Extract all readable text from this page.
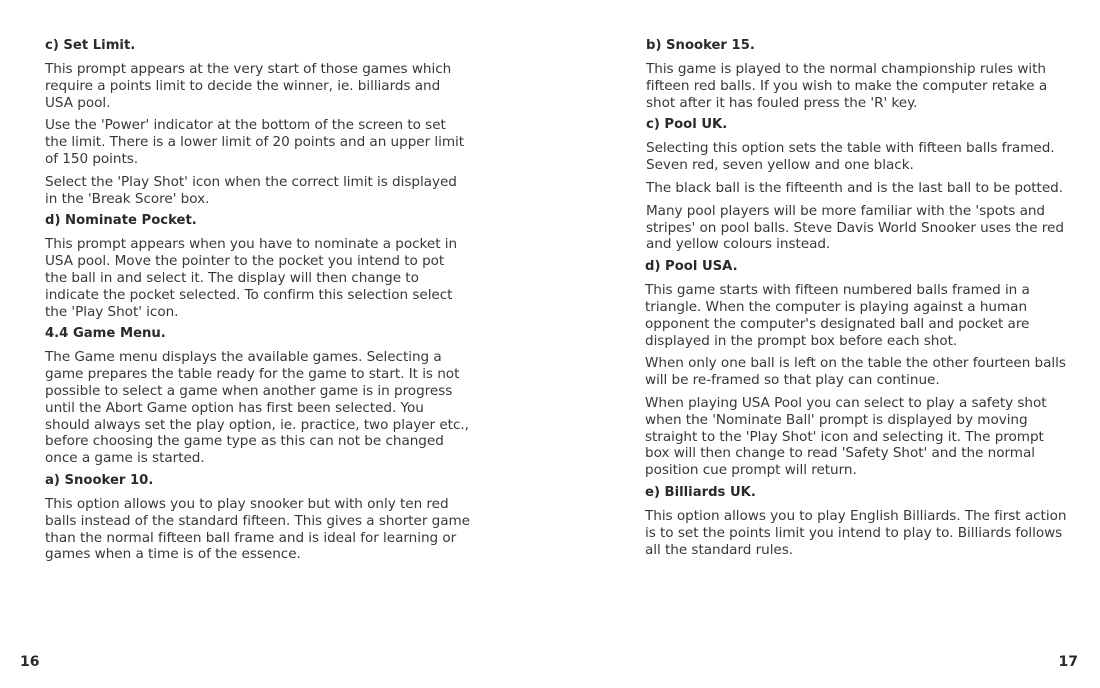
c) Set Limit.

This prompt appears at the very start of those games which require a points limit to decide the winner, ie. billiards and USA pool.

Use the 'Power' indicator at the bottom of the screen to set the limit. There is a lower limit of 20 points and an upper limit of 150 points.

Select the 'Play Shot' icon when the correct limit is displayed in the 'Break Score' box.

d) Nominate Pocket.

This prompt appears when you have to nominate a pocket in USA pool. Move the pointer to the pocket you intend to pot the ball in and select it. The display will then change to indicate the pocket selected. To confirm this selection select the 'Play Shot' icon.

4.4 Game Menu.

The Game menu displays the available games. Selecting a game prepares the table ready for the game to start. It is not possible to select a game when another game is in progress until the Abort Game option has first been selected. You should always set the play option, ie. practice, two player etc., before choosing the game type as this can not be changed once a game is started.

a) Snooker 10.

This option allows you to play snooker but with only ten red balls instead of the standard fifteen. This gives a shorter game than the normal fifteen ball frame and is ideal for learning or games when a time is of the essence.

b) Snooker 15.

This game is played to the normal championship rules with fifteen red balls. If you wish to make the computer retake a shot after it has fouled press the 'R' key.

c) Pool UK.

Selecting this option sets the table with fifteen balls framed. Seven red, seven yellow and one black.

The black ball is the fifteenth and is the last ball to be potted.

Many pool players will be more familiar with the 'spots and stripes' on pool balls. Steve Davis World Snooker uses the red and yellow colours instead.

d) Pool USA.

This game starts with fifteen numbered balls framed in a triangle. When the computer is playing against a human opponent the computer's designated ball and pocket are displayed in the prompt box before each shot.

When only one ball is left on the table the other fourteen balls will be re-framed so that play can continue.

When playing USA Pool you can select to play a safety shot when the 'Nominate Ball' prompt is displayed by moving straight to the 'Play Shot' icon and selecting it. The prompt box will then change to read 'Safety Shot' and the normal position cue prompt will return.

e) Billiards UK.

This option allows you to play English Billiards. The first action is to set the points limit you intend to play to. Billiards follows all the standard rules.

16	17
